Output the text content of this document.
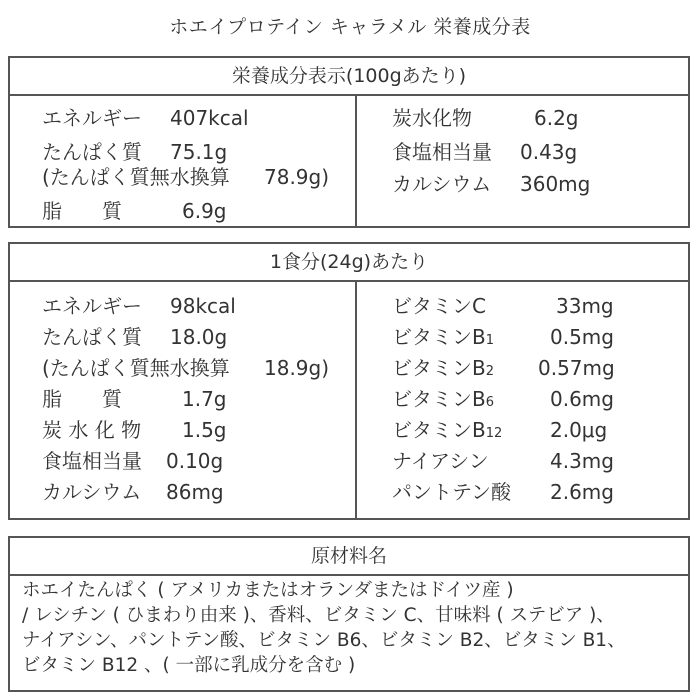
ホエイプロテイン キャラメル 栄養成分表
栄養成分表示(100gあたり)
エネルギー 407kcal
たんぱく質 75.1g
(たんぱく質無水換算 78.9g)
脂　　質	6.9g
炭水化物	6.2g
食塩相当量 0.43g
カルシウム 360mg
1食分(24g)あたり
エネルギー 98kcal
たんぱく質 18.0g
(たんぱく質無水換算 18.9g)
脂　　質	1.7g
炭 水 化 物 1.5g
食塩相当量 0.10g
カルシウム 86mg
ビタミンC	33mg
ビタミンB1	0.5mg
ビタミンB2 0.57mg
ビタミンB6	0.6mg
ビタミンB12 2.0μg
ナイアシン	4.3mg
パントテン酸 2.6mg
原材料名
ホエイたんぱく ( アメリカまたはオランダまたはドイツ産 )
/ レシチン ( ひまわり由来 )、香料、ビタミン C、甘味料 ( ステビア )、
ナイアシン、パントテン酸、ビタミン B6、ビタミン B2、ビタミン B1、
ビタミン B12 、( 一部に乳成分を含む )
